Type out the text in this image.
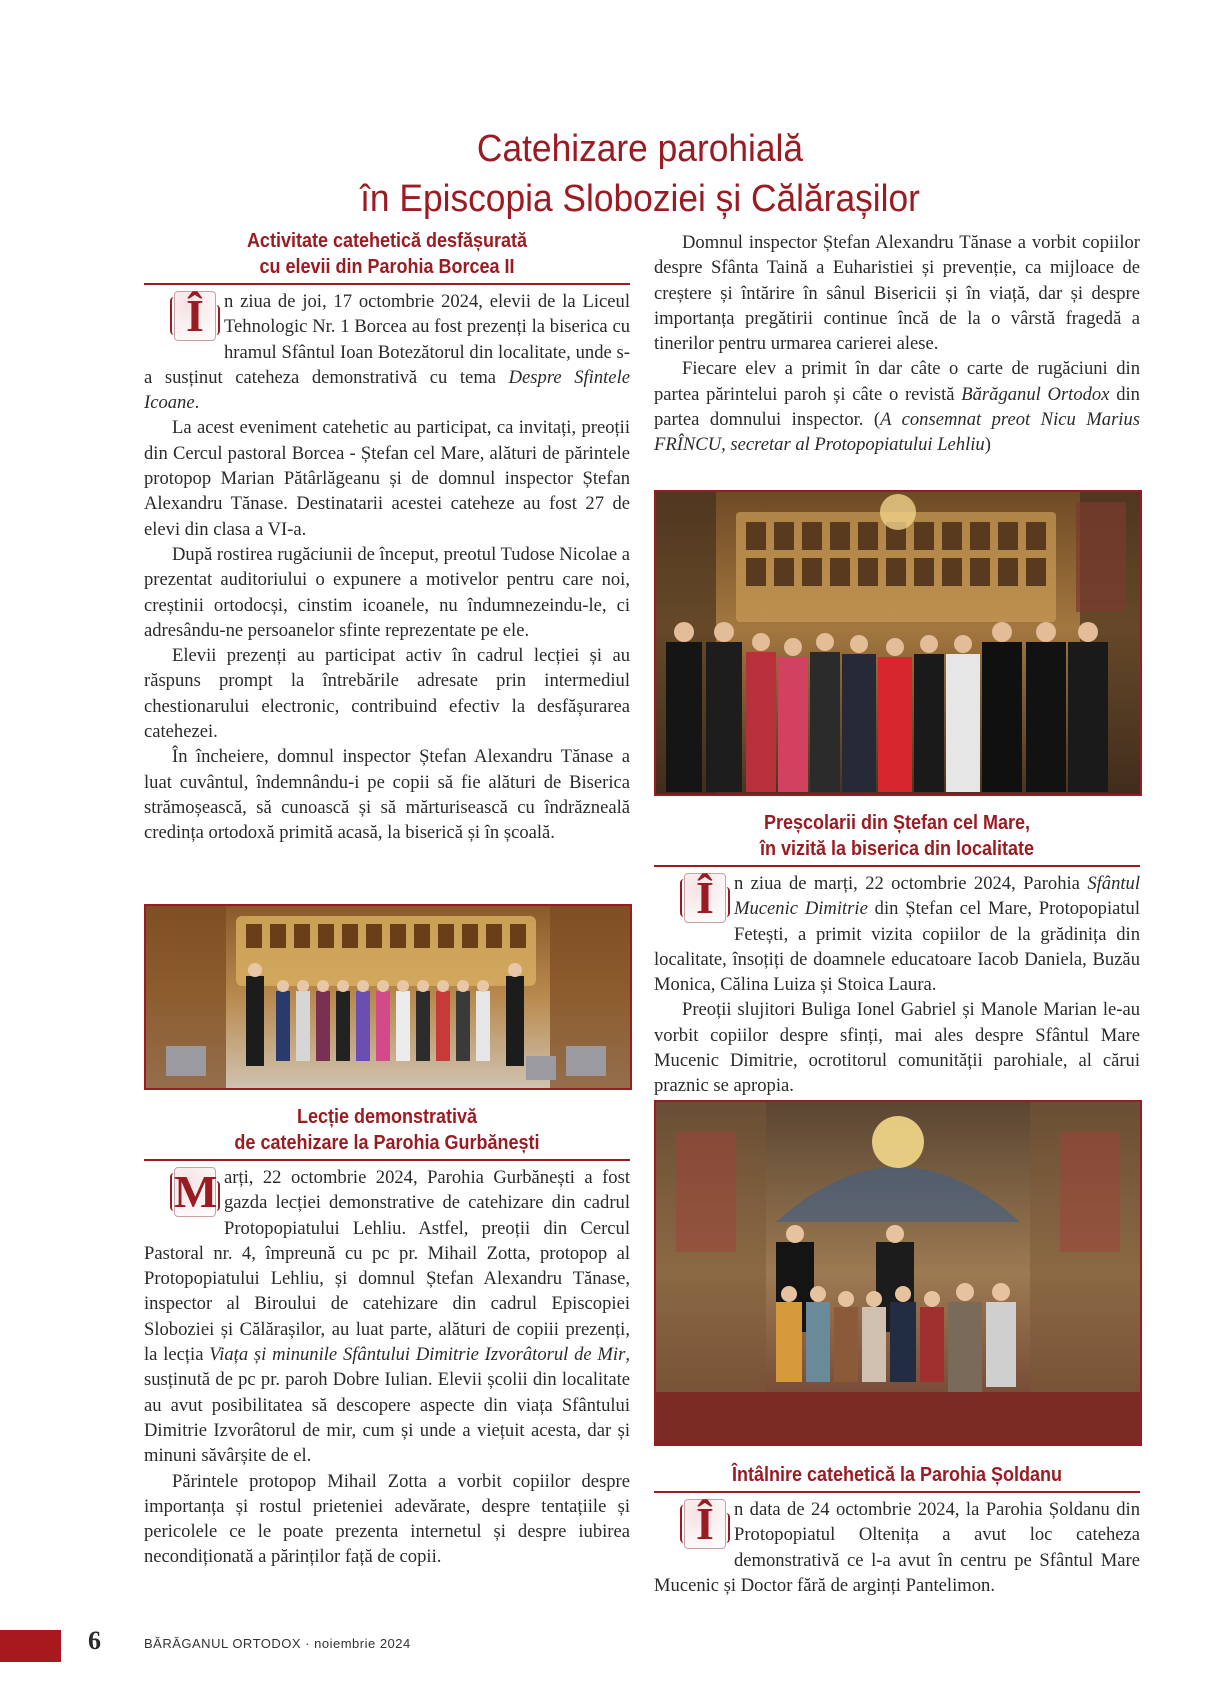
Catehizare parohială
în Episcopia Sloboziei și Călărașilor
Activitate catehetică desfășurată
cu elevii din Parohia Borcea II
Î	n ziua de joi, 17 octombrie 2024, elevii de la Liceul Tehnologic Nr. 1 Borcea au fost prezenți la biserica cu hramul Sfântul Ioan Botezătorul din localitate, unde s-a susținut cateheza demonstrativă cu tema Despre Sfintele Icoane.

La acest eveniment catehetic au participat, ca invitați, preoții din Cercul pastoral Borcea - Ștefan cel Mare, alături de părintele protopop Marian Pătârlăgeanu și de domnul inspector Ștefan Alexandru Tănase. Destinatarii acestei cateheze au fost 27 de elevi din clasa a VI-a.

După rostirea rugăciunii de început, preotul Tudose Nicolae a prezentat auditoriului o expunere a motivelor pentru care noi, creștinii ortodocși, cinstim icoanele, nu îndumnezeindu-le, ci adresându-ne persoanelor sfinte reprezentate pe ele.

Elevii prezenți au participat activ în cadrul lecției și au răspuns prompt la întrebările adresate prin intermediul chestionarului electronic, contribuind efectiv la desfășurarea catehezei.

În încheiere, domnul inspector Ștefan Alexandru Tănase a luat cuvântul, îndemnându-i pe copii să fie alături de Biserica strămoșească, să cunoască și să mărturisească cu îndrăzneală credința ortodoxă primită acasă, la biserică și în școală.

Lecție demonstrativă
de catehizare la Parohia Gurbănești
M arți, 22 octombrie 2024, Parohia Gurbănești a fost gazda lecției demonstrative de catehizare din cadrul Protopopiatului Lehliu. Astfel, preoții din Cercul Pastoral nr. 4, împreună cu pc pr. Mihail Zotta, protopop al Protopopiatului Lehliu, și domnul Ștefan Alexandru Tănase, inspector al Biroului de catehizare din cadrul Episcopiei Sloboziei și Călărașilor, au luat parte, alături de copiii prezenți, la lecția Viața și minunile Sfântului Dimitrie Izvorâtorul de Mir, susținută de pc pr. paroh Dobre Iulian. Elevii școlii din localitate au avut posibilitatea să descopere aspecte din viața Sfântului Dimitrie Izvorâtorul de mir, cum și unde a viețuit acesta, dar și minuni săvârșite de el.

Părintele protopop Mihail Zotta a vorbit copiilor despre importanța și rostul prieteniei adevărate, despre tentațiile și pericolele ce le poate prezenta internetul și despre iubirea necondiționată a părinților față de copii.

Domnul inspector Ștefan Alexandru Tănase a vorbit copiilor despre Sfânta Taină a Euharistiei și prevenție, ca mijloace de creștere și întărire în sânul Bisericii și în viață, dar și despre importanța pregătirii continue încă de la o vârstă fragedă a tinerilor pentru urmarea carierei alese.

Fiecare elev a primit în dar câte o carte de rugăciuni din partea părintelui paroh și câte o revistă Bărăganul Ortodox din partea domnului inspector. (A consemnat preot Nicu Marius FRÎNCU, secretar al Protopopiatului Lehliu)

Preșcolarii din Ștefan cel Mare,
în vizită la biserica din localitate
Î	n ziua de marți, 22 octombrie 2024, Parohia Sfântul Mucenic Dimitrie din Ștefan cel Mare, Protopopiatul Fetești, a primit vizita copiilor de la grădinița din localitate, însoțiți de doamnele educatoare Iacob Daniela, Buzău Monica, Călina Luiza și Stoica Laura.

Preoții slujitori Buliga Ionel Gabriel și Manole Marian le-au vorbit copiilor despre sfinți, mai ales despre Sfântul Mare Mucenic Dimitrie, ocrotitorul comunității parohiale, al cărui praznic se apropia.

Întâlnire catehetică la Parohia Șoldanu
Î	n data de 24 octombrie 2024, la Parohia Șoldanu din Protopopiatul Oltenița a avut loc cateheza demonstrativă ce l-a avut în centru pe Sfântul Mare Mucenic și Doctor fără de arginți Pantelimon.

6	BĂRĂGANUL ORTODOX · noiembrie 2024
